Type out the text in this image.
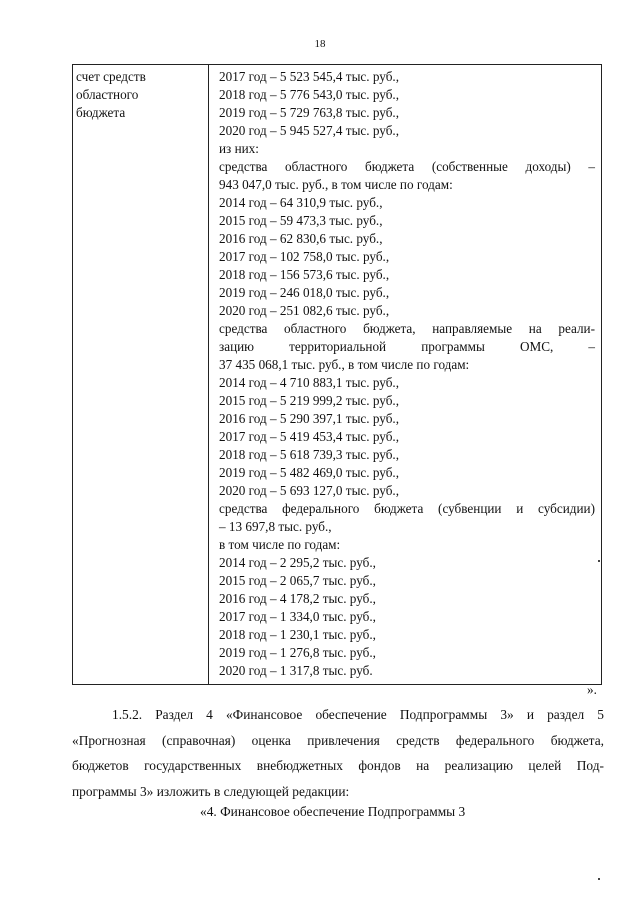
18
счет средств
областного
бюджета

2017 год – 5 523 545,4 тыс. руб.,
2018 год – 5 776 543,0 тыс. руб.,
2019 год – 5 729 763,8 тыс. руб.,
2020 год – 5 945 527,4 тыс. руб.,
из них:
средства областного бюджета (собственные доходы) –
943 047,0 тыс. руб., в том числе по годам:
2014 год – 64 310,9 тыс. руб.,
2015 год – 59 473,3 тыс. руб.,
2016 год – 62 830,6 тыс. руб.,
2017 год – 102 758,0 тыс. руб.,
2018 год – 156 573,6 тыс. руб.,
2019 год – 246 018,0 тыс. руб.,
2020 год – 251 082,6 тыс. руб.,
средства областного бюджета, направляемые на реали-
зацию территориальной программы ОМС, –
37 435 068,1 тыс. руб., в том числе по годам:
2014 год – 4 710 883,1 тыс. руб.,
2015 год – 5 219 999,2 тыс. руб.,
2016 год – 5 290 397,1 тыс. руб.,
2017 год – 5 419 453,4 тыс. руб.,
2018 год – 5 618 739,3 тыс. руб.,
2019 год – 5 482 469,0 тыс. руб.,
2020 год – 5 693 127,0 тыс. руб.,
средства федерального бюджета (субвенции и субсидии)
– 13 697,8 тыс. руб.,
в том числе по годам:
2014 год – 2 295,2 тыс. руб.,
2015 год – 2 065,7 тыс. руб.,
2016 год – 4 178,2 тыс. руб.,
2017 год – 1 334,0 тыс. руб.,
2018 год – 1 230,1 тыс. руб.,
2019 год – 1 276,8 тыс. руб.,
2020 год – 1 317,8 тыс. руб.
».
1.5.2. Раздел 4 «Финансовое обеспечение Подпрограммы 3» и раздел 5
«Прогнозная (справочная) оценка привлечения средств федерального бюджета,
бюджетов государственных внебюджетных фондов на реализацию целей Под-
программы 3» изложить в следующей редакции:
«4. Финансовое обеспечение Подпрограммы 3
